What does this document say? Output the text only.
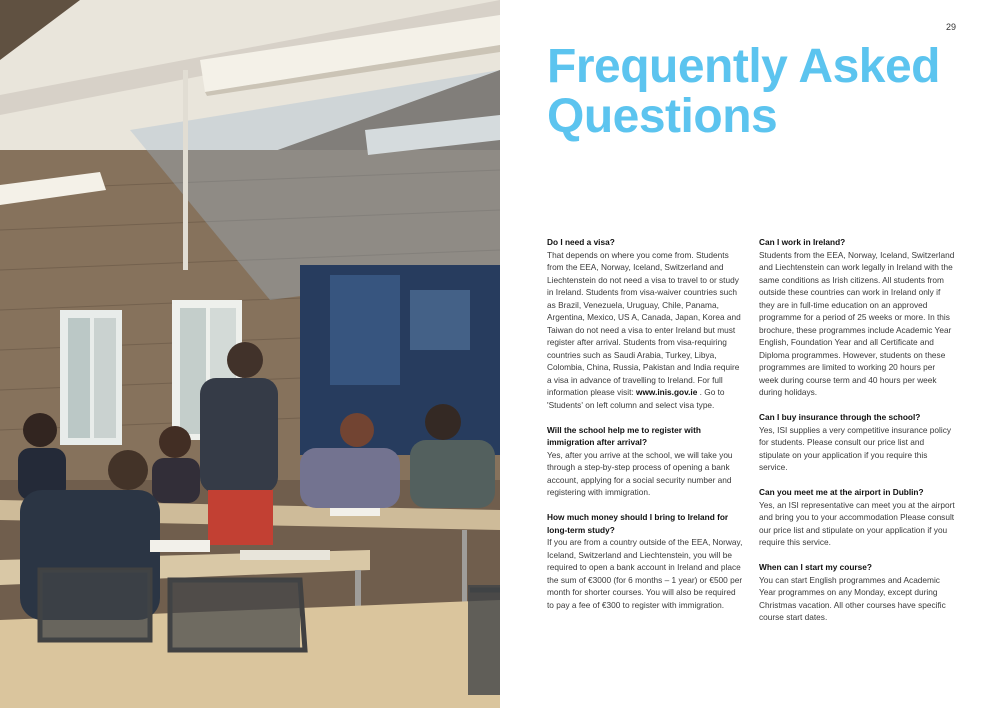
29
Frequently Asked
Questions
Do I need a visa?
That depends on where you come from. Students from the EEA, Norway, Iceland, Switzerland and Liechtenstein do not need a visa to travel to or study in Ireland. Students from visa-waiver countries such as Brazil, Venezuela, Uruguay, Chile, Panama, Argentina, Mexico, US A, Canada, Japan, Korea and Taiwan do not need a visa to enter Ireland but must register after arrival. Students from visa-requiring countries such as Saudi Arabia, Turkey, Libya, Colombia, China, Russia, Pakistan and India require a visa in advance of travelling to Ireland. For full information please visit: www.inis.gov.ie . Go to 'Students' on left column and select visa type.
Will the school help me to register with immigration after arrival?
Yes, after you arrive at the school, we will take you through a step-by-step process of opening a bank account, applying for a social security number and registering with immigration.
How much money should I bring to Ireland for long-term study?
If you are from a country outside of the EEA, Norway, Iceland, Switzerland and Liechtenstein, you will be required to open a bank account in Ireland and place the sum of €3000 (for 6 months – 1 year) or €500 per month for shorter courses. You will also be required to pay a fee of €300 to register with immigration.
Can I work in Ireland?
Students from the EEA, Norway, Iceland, Switzerland and Liechtenstein can work legally in Ireland with the same conditions as Irish citizens. All students from outside these countries can work in Ireland only if they are in full-time education on an approved programme for a period of 25 weeks or more. In this brochure, these programmes include Academic Year English, Foundation Year and all Certificate and Diploma programmes. However, students on these programmes are limited to working 20 hours per week during course term and 40 hours per week during holidays.
Can I buy insurance through the school?
Yes, ISI supplies a very competitive insurance policy for students. Please consult our price list and stipulate on your application if you require this service.
Can you meet me at the airport in Dublin?
Yes, an ISI representative can meet you at the airport and bring you to your accommodation Please consult our price list and stipulate on your application if you require this service.
When can I start my course?
You can start English programmes and Academic Year programmes on any Monday, except during Christmas vacation. All other courses have specific course start dates.
